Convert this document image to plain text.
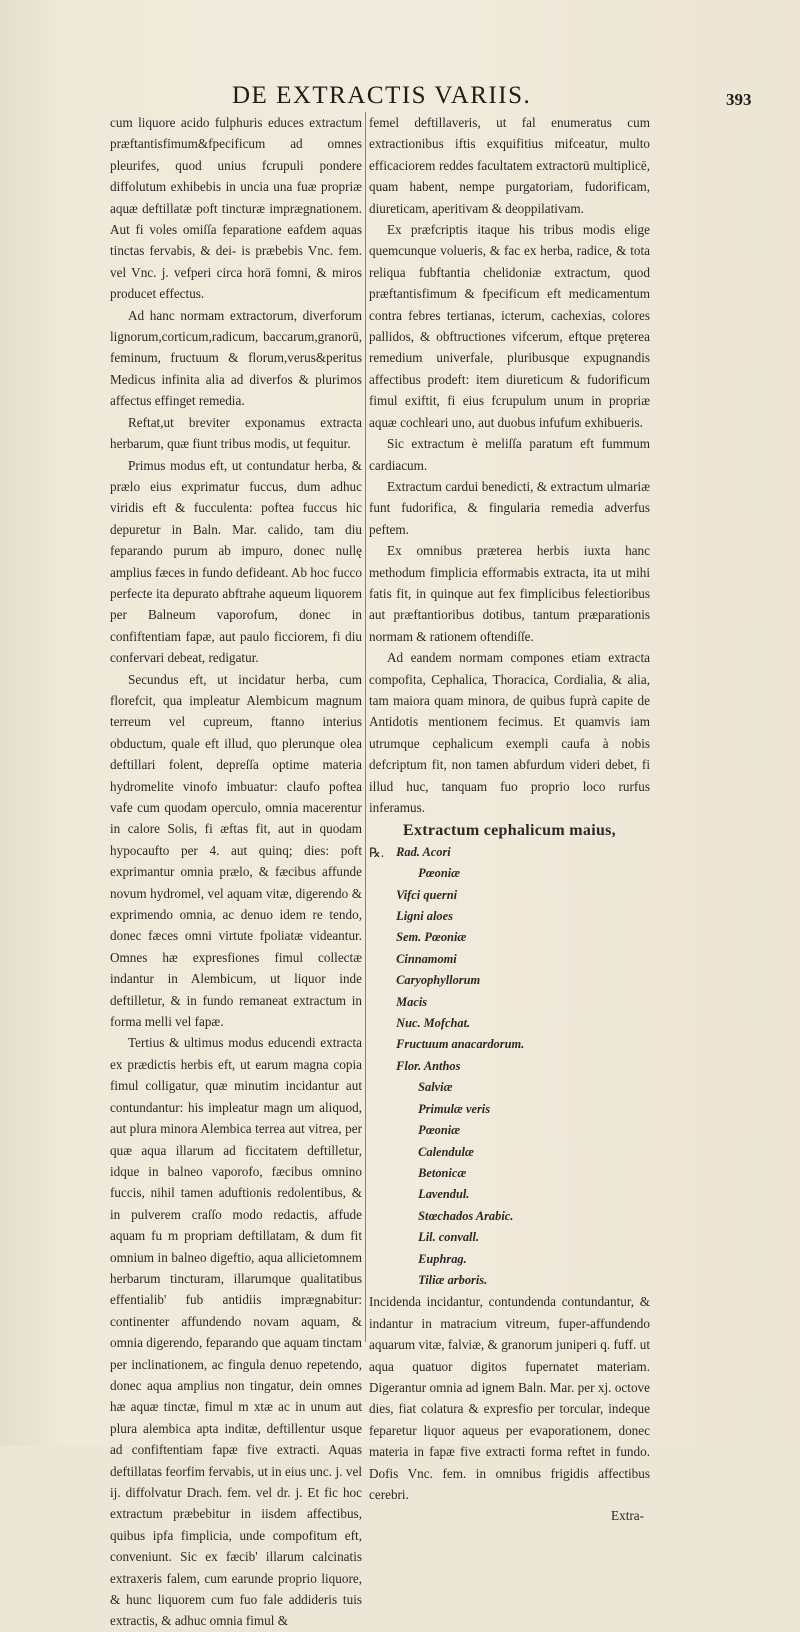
DE EXTRACTIS VARIIS.	393

cum liquore acido fulphuris educes extractum præftantisfimum&fpecificum ad omnes pleurifes, quod unius fcrupuli pondere diffolutum exhibebis in uncia una fuæ propriæ aquæ deftillatæ poft tincturæ imprægnationem. Aut fi voles omiſſa feparatione eafdem aquas tinctas fervabis, & dei- is præbebis Vnc. fem. vel Vnc. j. vefperi circa horā fomni, & miros producet effectus.

Ad hanc normam extractorum, diverforum lignorum,corticum,radicum, baccarum,granorū, feminum, fructuum & florum,verus&peritus Medicus infinita alia ad diverfos & plurimos affectus effinget remedia.

Reftat,ut breviter exponamus extracta herbarum, quæ fiunt tribus modis, ut fequitur.

Primus modus eft, ut contundatur herba, & prælo eius exprimatur fuccus, dum adhuc viridis eft & fucculenta: poftea fuccus hic depuretur in Baln. Mar. calido, tam diu feparando purum ab impuro, donec nullę amplius fæces in fundo defideant. Ab hoc fucco perfecte ita depurato abftrahe aqueum liquorem per Balneum vaporofum, donec in confiftentiam fapæ, aut paulo ficciorem, fi diu confervari debeat, redigatur.

Secundus eft, ut incidatur herba, cum florefcit, qua impleatur Alembicum magnum terreum vel cupreum, ftanno interius obductum, quale eft illud, quo plerunque olea deftillari folent, depreſſa optime materia hydromelite vinofo imbuatur: claufo poftea vafe cum quodam operculo, omnia macerentur in calore Solis, fi æftas fit, aut in quodam hypocaufto per 4. aut quinq; dies: poft exprimantur omnia prælo, & fæcibus affunde novum hydromel, vel aquam vitæ, digerendo & exprimendo omnia, ac denuo idem re tendo, donec fæces omni virtute fpoliatæ videantur. Omnes hæ expresfiones fimul collectæ indantur in Alembicum, ut liquor inde deftilletur, & in fundo remaneat extractum in forma melli vel fapæ.

Tertius & ultimus modus educendi extracta ex prædictis herbis eft, ut earum magna copia fimul colligatur, quæ minutim incidantur aut contundantur: his impleatur magn um aliquod, aut plura minora Alembica terrea aut vitrea, per quæ aqua illarum ad ficcitatem deftilletur, idque in balneo vaporofo, fæcibus omnino fuccis, nihil tamen aduftionis redolentibus, & in pulverem craſſo modo redactis, affude aquam fu m propriam deftillatam, & dum fit omnium in balneo digeftio, aqua allicietomnem herbarum tincturam, illarumque qualitatibus effentialib' fub antidiis imprægnabitur: continenter affundendo novam aquam, & omnia digerendo, feparando que aquam tinctam per inclinationem, ac fingula denuo repetendo, donec aqua amplius non tingatur, dein omnes hæ aquæ tinctæ, fimul m xtæ ac in unum aut plura alembica apta inditæ, deftillentur usque ad confiftentiam fapæ five extracti. Aquas deftillatas feorfim fervabis, ut in eius unc. j. vel ij. diffolvatur Drach. fem. vel dr. j. Et fic hoc extractum præbebitur in iisdem affectibus, quibus ipfa fimplicia, unde compofitum eft, conveniunt. Sic ex fæcib' illarum calcinatis extraxeris falem, cum earunde proprio liquore, & hunc liquorem cum fuo fale addideris tuis extractis, & adhuc omnia fimul &

femel deftillaveris, ut fal enumeratus cum extractionibus iftis exquifitius mifceatur, multo efficaciorem reddes facultatem extractorū multiplicē, quam habent, nempe purgatoriam, fudorificam, diureticam, aperitivam & deoppilativam.

Ex præfcriptis itaque his tribus modis elige quemcunque volueris, & fac ex herba, radice, & tota reliqua fubftantia chelidoniæ extractum, quod præftantisfimum & fpecificum eft medicamentum contra febres tertianas, icterum, cachexias, colores pallidos, & obftructiones vifcerum, eftque pręterea remedium univerfale, pluribusque expugnandis affectibus prodeft: item diureticum & fudorificum fimul exiftit, fi eius fcrupulum unum in propriæ aquæ cochleari uno, aut duobus infufum exhibueris.

Sic extractum è meliſſa paratum eft fummum cardiacum.

Extractum cardui benedicti, & extractum ulmariæ funt fudorifica, & fingularia remedia adverfus peftem.

Ex omnibus præterea herbis iuxta hanc methodum fimplicia efformabis extracta, ita ut mihi fatis fit, in quinque aut fex fimplicibus feleɛtioribus aut præftantioribus dotibus, tantum præparationis normam & rationem oftendiſſe.

Ad eandem normam compones etiam extracta compofita, Cephalica, Thoracica, Cordialia, & alia, tam maiora quam minora, de quibus fuprà capite de Antidotis mentionem fecimus. Et quamvis iam utrumque cephalicum exempli caufa à nobis defcriptum fit, non tamen abfurdum videri debet, fi illud huc, tanquam fuo proprio loco rurfus inferamus.

Extractum cephalicum maius,
℞. Rad. Acori
Pœoniæ
Vifci querni
Ligni aloes
Sem. Pœoniæ
Cinnamomi
Caryophyllorum
Macis
Nuc. Mofchat.
Fructuum anacardorum.
Flor. Anthos
Salviæ
Primulæ veris
Pœoniæ
Calendulæ
Betonicæ
Lavendul.
Stœchados Arabic.
Lil. convall.
Euphrag.
Tiliæ arboris.

Incidenda incidantur, contundenda contundantur, & indantur in matracium vitreum, fuper-affundendo aquarum vitæ, falviæ, & granorum juniperi q. fuff. ut aqua quatuor digitos fupernatet materiam. Digerantur omnia ad ignem Baln. Mar. per xj. octove dies, fiat colatura & expresfio per torcular, indeque feparetur liquor aqueus per evaporationem, donec materia in fapæ five extracti forma reftet in fundo. Dofis Vnc. fem. in omnibus frigidis affectibus cerebri.

Extra-
